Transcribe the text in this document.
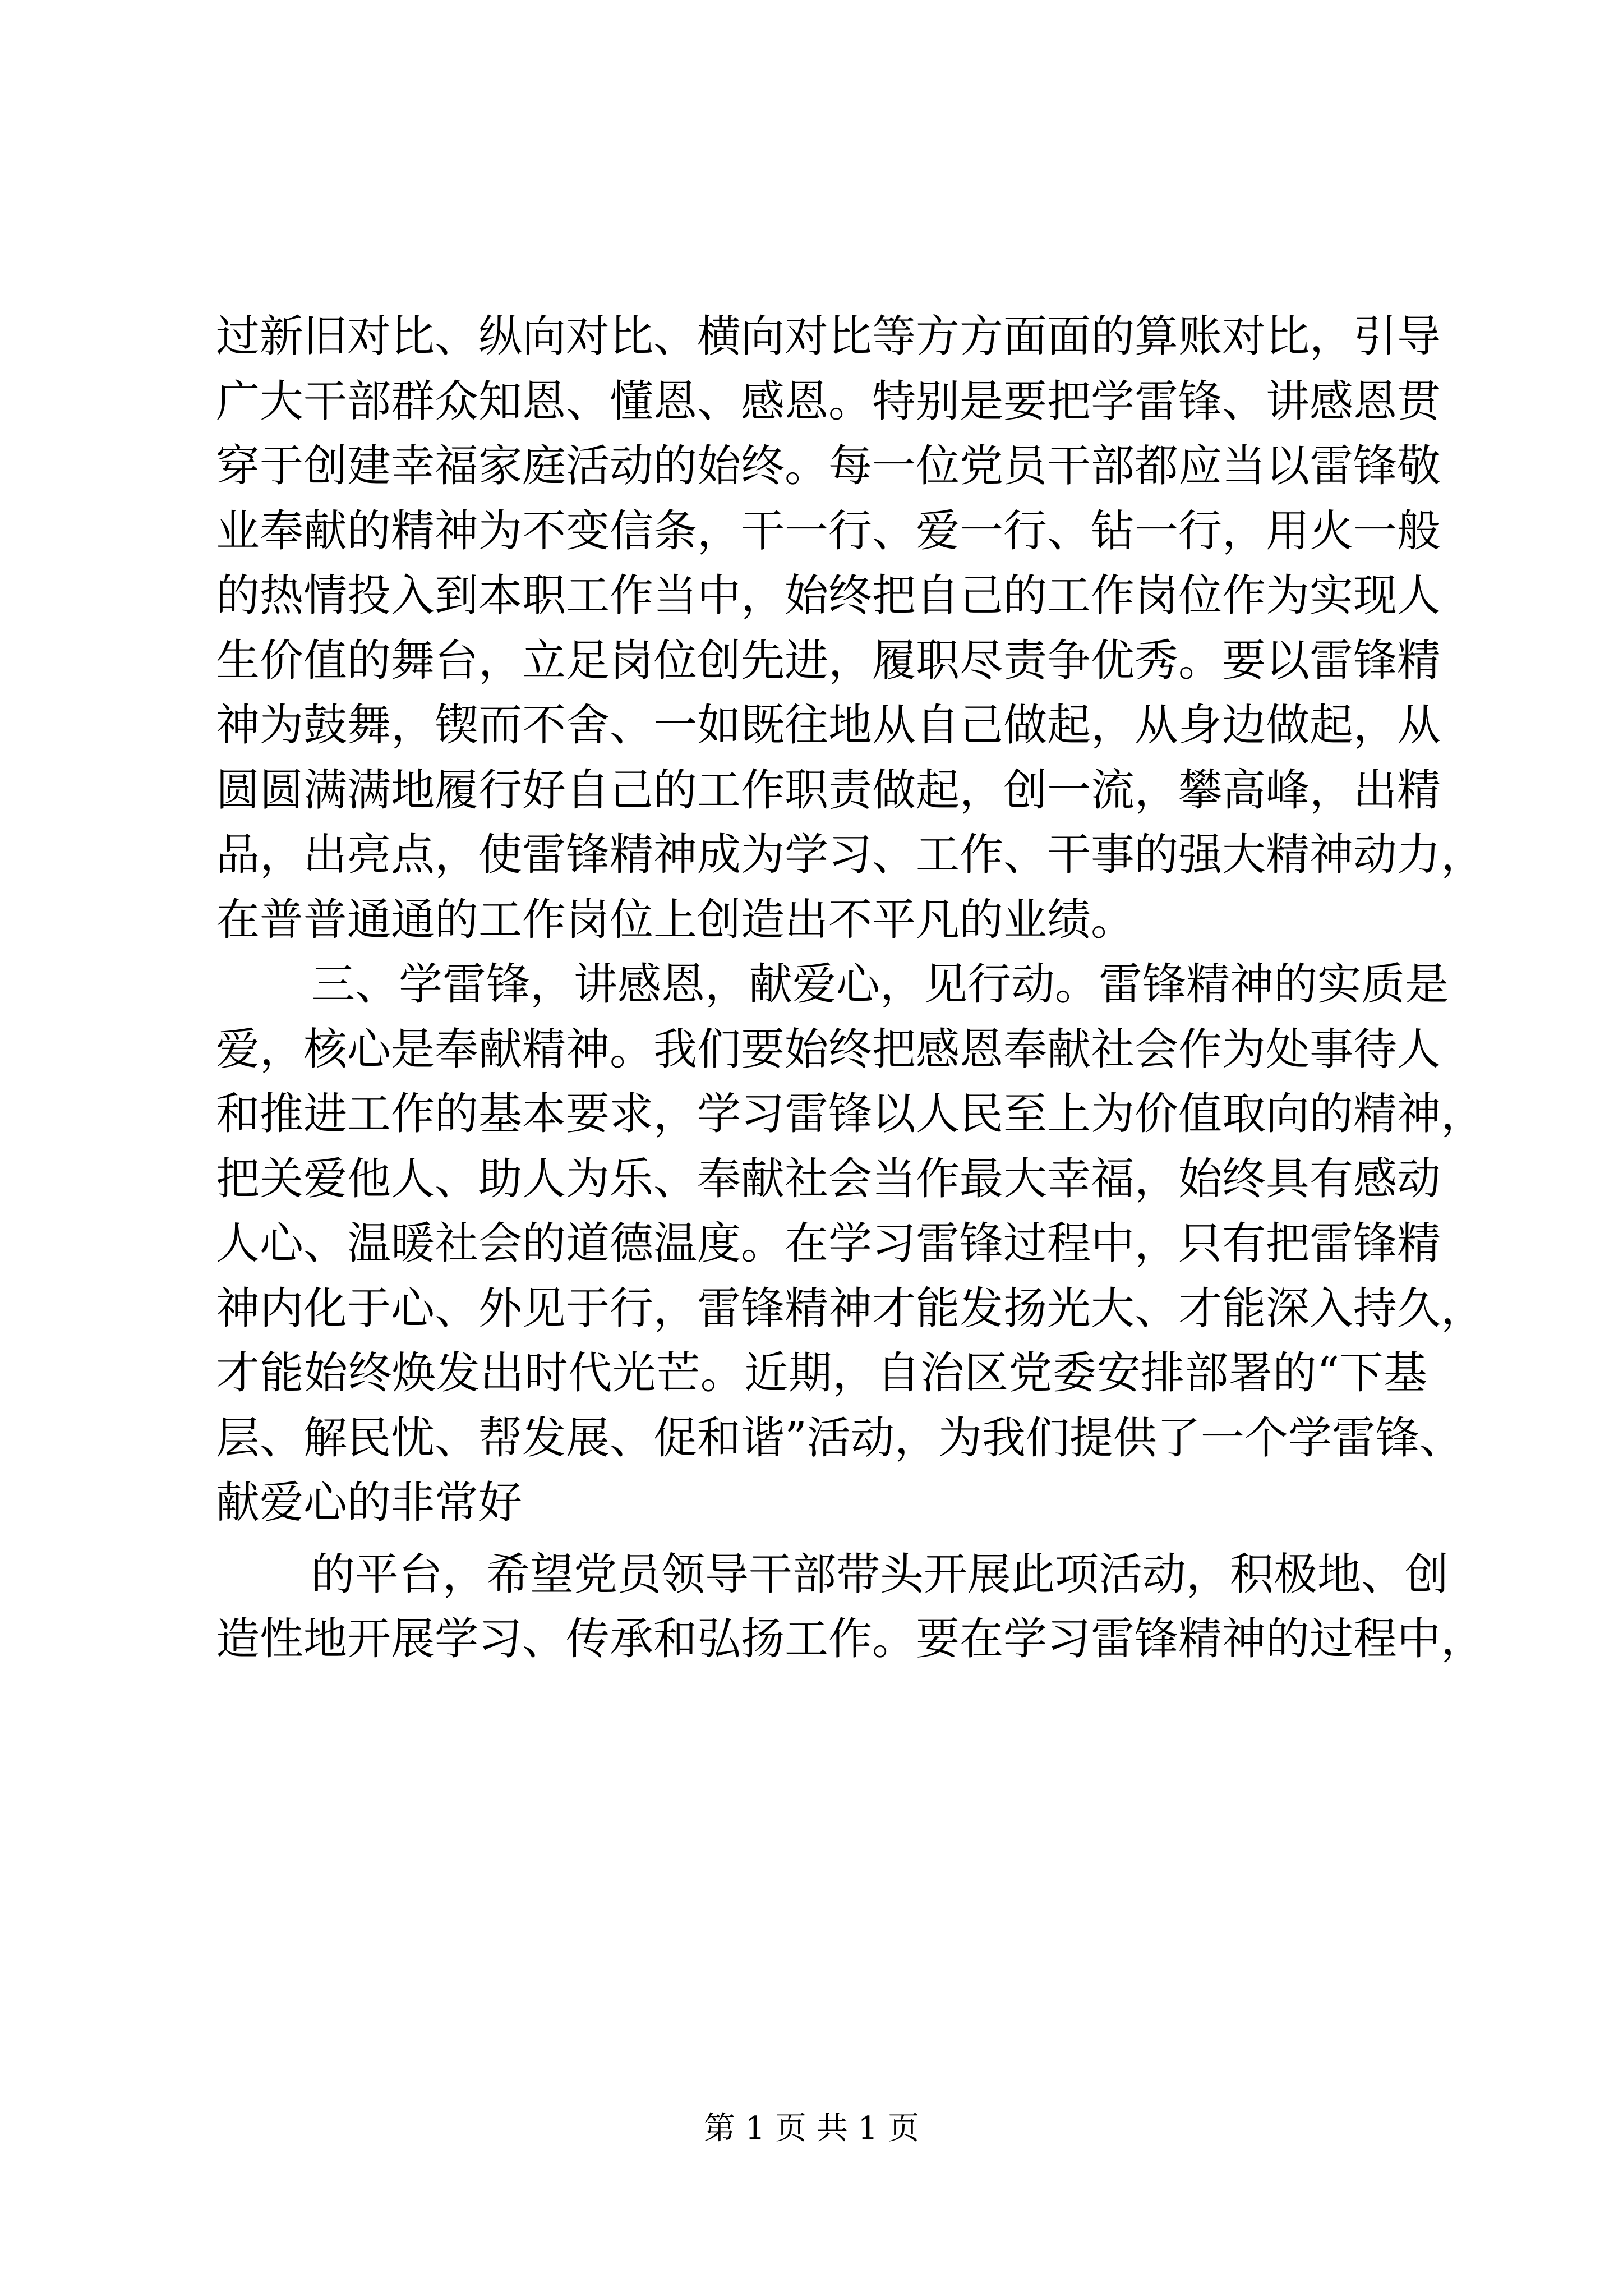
过新旧对比、纵向对比、横向对比等方方面面的算账对比，引导
广大干部群众知恩、懂恩、感恩。特别是要把学雷锋、讲感恩贯
穿于创建幸福家庭活动的始终。每一位党员干部都应当以雷锋敬
业奉献的精神为不变信条，干一行、爱一行、钻一行，用火一般
的热情投入到本职工作当中，始终把自己的工作岗位作为实现人
生价值的舞台，立足岗位创先进，履职尽责争优秀。要以雷锋精
神为鼓舞，锲而不舍、一如既往地从自己做起，从身边做起，从
圆圆满满地履行好自己的工作职责做起，创一流，攀高峰，出精
品，出亮点，使雷锋精神成为学习、工作、干事的强大精神动力，
在普普通通的工作岗位上创造出不平凡的业绩。
三、学雷锋，讲感恩，献爱心，见行动。雷锋精神的实质是
爱，核心是奉献精神。我们要始终把感恩奉献社会作为处事待人
和推进工作的基本要求，学习雷锋以人民至上为价值取向的精神，
把关爱他人、助人为乐、奉献社会当作最大幸福，始终具有感动
人心、温暖社会的道德温度。在学习雷锋过程中，只有把雷锋精
神内化于心、外见于行，雷锋精神才能发扬光大、才能深入持久，
才能始终焕发出时代光芒。近期，自治区党委安排部署的“下基
层、解民忧、帮发展、促和谐”活动，为我们提供了一个学雷锋、
献爱心的非常好
的平台，希望党员领导干部带头开展此项活动，积极地、创
造性地开展学习、传承和弘扬工作。要在学习雷锋精神的过程中，
第 1 页 共 1 页
